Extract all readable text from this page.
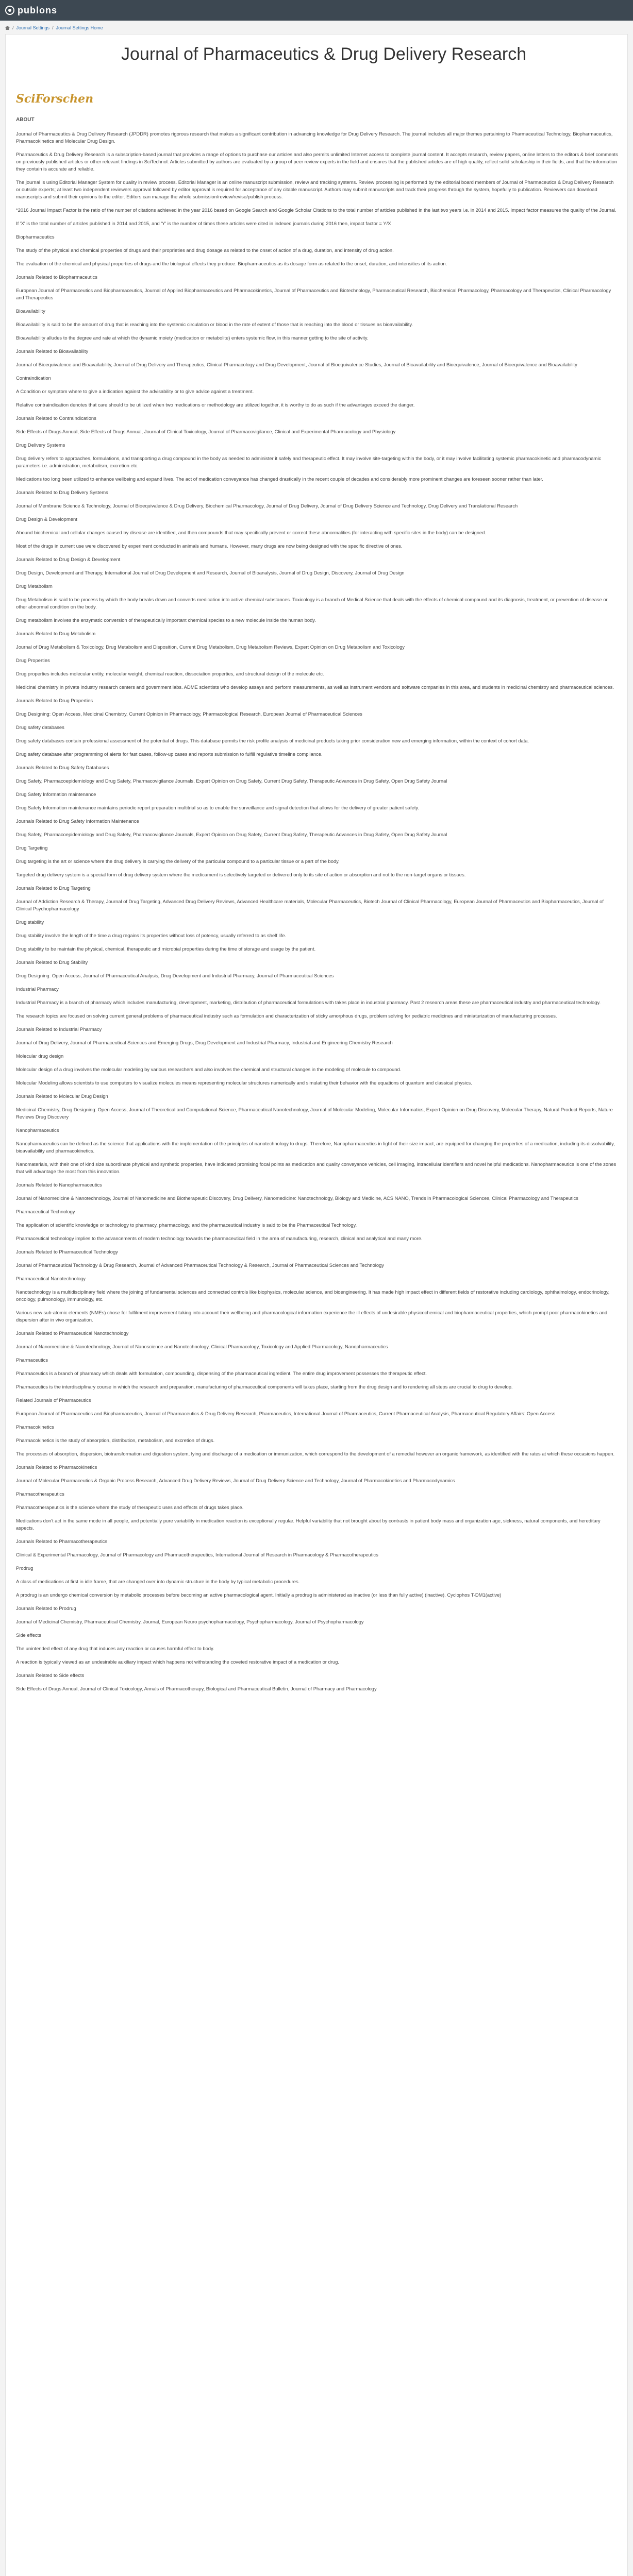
publons
/ Journal Settings / Journal Settings Home
Journal of Pharmaceutics & Drug Delivery Research
SciForschen
ABOUT

Journal of Pharmaceutics & Drug Delivery Research (JPDDR) promotes rigorous research that makes a significant contribution in advancing knowledge for Drug Delivery Research. The journal includes all major themes pertaining to Pharmaceutical Technology, Biopharmaceutics, Pharmacokinetics and Molecular Drug Design.

Pharmaceutics & Drug Delivery Research is a subscription-based journal that provides a range of options to purchase our articles and also permits unlimited Internet access to complete journal content. It accepts research, review papers, online letters to the editors & brief comments on previously published articles or other relevant findings in SciTechnol. Articles submitted by authors are evaluated by a group of peer review experts in the field and ensures that the published articles are of high quality, reflect solid scholarship in their fields, and that the information they contain is accurate and reliable.

The journal is using Editorial Manager System for quality in review process. Editorial Manager is an online manuscript submission, review and tracking systems. Review processing is performed by the editorial board members of Journal of Pharmaceutics & Drug Delivery Research or outside experts; at least two independent reviewers approval followed by editor approval is required for acceptance of any citable manuscript. Authors may submit manuscripts and track their progress through the system, hopefully to publication. Reviewers can download manuscripts and submit their opinions to the editor. Editors can manage the whole submission/review/revise/publish process.

*2016 Journal Impact Factor is the ratio of the number of citations achieved in the year 2016 based on Google Search and Google Scholar Citations to the total number of articles published in the last two years i.e. in 2014 and 2015. Impact factor measures the quality of the Journal.

If 'X' is the total number of articles published in 2014 and 2015, and 'Y' is the number of times these articles were cited in indexed journals during 2016 then, impact factor = Y/X

Biopharmaceutics

The study of the physical and chemical properties of drugs and their proprieties and drug dosage as related to the onset of action of a drug, duration, and intensity of drug action.

The evaluation of the chemical and physical properties of drugs and the biological effects they produce. Biopharmaceutics as its dosage form as related to the onset, duration, and intensities of its action.

Journals Related to Biopharmaceutics

European Journal of Pharmaceutics and Biopharmaceutics, Journal of Applied Biopharmaceutics and Pharmacokinetics, Journal of Pharmaceutics and Biotechnology, Pharmaceutical Research, Biochemical Pharmacology, Pharmacology and Therapeutics, Clinical Pharmacology and Therapeutics

Bioavailability

Bioavailability is said to be the amount of drug that is reaching into the systemic circulation or blood in the rate of extent of those that is reaching into the blood or tissues as bioavailability.

Bioavailability alludes to the degree and rate at which the dynamic moiety (medication or metabolite) enters systemic flow, in this manner getting to the site of activity.

Journals Related to Bioavailability

Journal of Bioequivalence and Bioavailability, Journal of Drug Delivery and Therapeutics, Clinical Pharmacology and Drug Development, Journal of Bioequivalence Studies, Journal of Bioavailability and Bioequivalence, Journal of Bioequivalence and Bioavailability

Contraindication

A Condition or symptom where to give a indication against the advisability or to give advice against a treatment.

Relative contraindication denotes that care should to be utilized when two medications or methodology are utilized together, it is worthy to do as such if the advantages exceed the danger.

Journals Related to Contraindications

Side Effects of Drugs Annual, Side Effects of Drugs Annual, Journal of Clinical Toxicology, Journal of Pharmacovigilance, Clinical and Experimental Pharmacology and Physiology

Drug Delivery Systems

Drug delivery refers to approaches, formulations, and transporting a drug compound in the body as needed to administer it safely and therapeutic effect. It may involve site-targeting within the body, or it may involve facilitating systemic pharmacokinetic and pharmacodynamic parameters i.e. administration, metabolism, excretion etc.

Medications too long been utilized to enhance wellbeing and expand lives. The act of medication conveyance has changed drastically in the recent couple of decades and considerably more prominent changes are foreseen sooner rather than later.

Journals Related to Drug Delivery Systems

Journal of Membrane Science & Technology, Journal of Bioequivalence & Drug Delivery, Biochemical Pharmacology, Journal of Drug Delivery, Journal of Drug Delivery Science and Technology, Drug Delivery and Translational Research

Drug Design & Development

Abound biochemical and cellular changes caused by disease are identified, and then compounds that may specifically prevent or correct these abnormalities (for interacting with specific sites in the body) can be designed.

Most of the drugs in current use were discovered by experiment conducted in animals and humans. However, many drugs are now being designed with the specific directive of ones.

Journals Related to Drug Design & Development

Drug Design, Development and Therapy, International Journal of Drug Development and Research, Journal of Bioanalysis, Journal of Drug Design, Discovery, Journal of Drug Design

Drug Metabolism

Drug Metabolism is said to be process by which the body breaks down and converts medication into active chemical substances. Toxicology is a branch of Medical Science that deals with the effects of chemical compound and its diagnosis, treatment, or prevention of disease or other abnormal condition on the body.

Drug metabolism involves the enzymatic conversion of therapeutically important chemical species to a new molecule inside the human body.

Journals Related to Drug Metabolism

Journal of Drug Metabolism & Toxicology, Drug Metabolism and Disposition, Current Drug Metabolism, Drug Metabolism Reviews, Expert Opinion on Drug Metabolism and Toxicology

Drug Properties

Drug properties includes molecular entity, molecular weight, chemical reaction, dissociation properties, and structural design of the molecule etc.

Medicinal chemistry in private industry research centers and government labs. ADME scientists who develop assays and perform measurements, as well as instrument vendors and software companies in this area, and students in medicinal chemistry and pharmaceutical sciences.

Journals Related to Drug Properties

Drug Designing: Open Access, Medicinal Chemistry, Current Opinion in Pharmacology, Pharmacological Research, European Journal of Pharmaceutical Sciences

Drug safety databases

Drug safety databases contain professional assessment of the potential of drugs. This database permits the risk profile analysis of medicinal products taking prior consideration new and emerging information, within the context of cohort data.

Drug safety database after programming of alerts for fast cases, follow-up cases and reports submission to fulfill regulative timeline compliance.

Journals Related to Drug Safety Databases

Drug Safety, Pharmacoepidemiology and Drug Safety, Pharmacovigilance Journals, Expert Opinion on Drug Safety, Current Drug Safety, Therapeutic Advances in Drug Safety, Open Drug Safety Journal

Drug Safety Information maintenance

Drug Safety Information maintenance maintains periodic report preparation multitrial so as to enable the surveillance and signal detection that allows for the delivery of greater patient safety.

Journals Related to Drug Safety Information Maintenance

Drug Safety, Pharmacoepidemiology and Drug Safety, Pharmacovigilance Journals, Expert Opinion on Drug Safety, Current Drug Safety, Therapeutic Advances in Drug Safety, Open Drug Safety Journal

Drug Targeting

Drug targeting is the art or science where the drug delivery is carrying the delivery of the particular compound to a particular tissue or a part of the body.

Targeted drug delivery system is a special form of drug delivery system where the medicament is selectively targeted or delivered only to its site of action or absorption and not to the non-target organs or tissues.

Journals Related to Drug Targeting

Journal of Addiction Research & Therapy, Journal of Drug Targeting, Advanced Drug Delivery Reviews, Advanced Healthcare materials, Molecular Pharmaceutics, Biotech Journal of Clinical Pharmacology, European Journal of Pharmaceutics and Biopharmaceutics, Journal of Clinical Psychopharmacology

Drug stability

Drug stability involve the length of the time a drug regains its properties without loss of potency, usually referred to as shelf life.

Drug stability to be maintain the physical, chemical, therapeutic and microbial properties during the time of storage and usage by the patient.

Journals Related to Drug Stability

Drug Designing: Open Access, Journal of Pharmaceutical Analysis, Drug Development and Industrial Pharmacy, Journal of Pharmaceutical Sciences

Industrial Pharmacy

Industrial Pharmacy is a branch of pharmacy which includes manufacturing, development, marketing, distribution of pharmaceutical formulations with takes place in industrial pharmacy. Past 2 research areas these are pharmaceutical industry and pharmaceutical technology.

The research topics are focused on solving current general problems of pharmaceutical industry such as formulation and characterization of sticky amorphous drugs, problem solving for pediatric medicines and miniaturization of manufacturing processes.

Journals Related to Industrial Pharmacy

Journal of Drug Delivery, Journal of Pharmaceutical Sciences and Emerging Drugs, Drug Development and Industrial Pharmacy, Industrial and Engineering Chemistry Research

Molecular drug design

Molecular design of a drug involves the molecular modeling by various researchers and also involves the chemical and structural changes in the modeling of molecule to compound.

Molecular Modeling allows scientists to use computers to visualize molecules means representing molecular structures numerically and simulating their behavior with the equations of quantum and classical physics.

Journals Related to Molecular Drug Design

Medicinal Chemistry, Drug Designing: Open Access, Journal of Theoretical and Computational Science, Pharmaceutical Nanotechnology, Journal of Molecular Modeling, Molecular Informatics, Expert Opinion on Drug Discovery, Molecular Therapy, Natural Product Reports, Nature Reviews Drug Discovery

Nanopharmaceutics

Nanopharmaceutics can be defined as the science that applications with the implementation of the principles of nanotechnology to drugs. Therefore, Nanopharmaceutics in light of their size impact, are equipped for changing the properties of a medication, including its dissolvability, bioavailability and pharmacokinetics.

Nanomaterials, with their one of kind size subordinate physical and synthetic properties, have indicated promising focal points as medication and quality conveyance vehicles, cell imaging, intracellular identifiers and novel helpful medications. Nanopharmaceutics is one of the zones that will advantage the most from this innovation.

Journals Related to Nanopharmaceutics

Journal of Nanomedicine & Nanotechnology, Journal of Nanomedicine and Biotherapeutic Discovery, Drug Delivery, Nanomedicine: Nanotechnology, Biology and Medicine, ACS NANO, Trends in Pharmacological Sciences, Clinical Pharmacology and Therapeutics

Pharmaceutical Technology

The application of scientific knowledge or technology to pharmacy, pharmacology, and the pharmaceutical industry is said to be the Pharmaceutical Technology.

Pharmaceutical technology implies to the advancements of modern technology towards the pharmaceutical field in the area of manufacturing, research, clinical and analytical and many more.

Journals Related to Pharmaceutical Technology

Journal of Pharmaceutical Technology & Drug Research, Journal of Advanced Pharmaceutical Technology & Research, Journal of Pharmaceutical Sciences and Technology

Pharmaceutical Nanotechnology

Nanotechnology is a multidisciplinary field where the joining of fundamental sciences and connected controls like biophysics, molecular science, and bioengineering. It has made high impact effect in different fields of restorative including cardiology, ophthalmology, endocrinology, oncology, pulmonology, immunology, etc.

Various new sub-atomic elements (NMEs) chose for fulfilment improvement taking into account their wellbeing and pharmacological information experience the ill effects of undesirable physicochemical and biopharmaceutical properties, which prompt poor pharmacokinetics and dispersion after in vivo organization.

Journals Related to Pharmaceutical Nanotechnology

Journal of Nanomedicine & Nanotechnology, Journal of Nanoscience and Nanotechnology, Clinical Pharmacology, Toxicology and Applied Pharmacology, Nanopharmaceutics

Pharmaceutics

Pharmaceutics is a branch of pharmacy which deals with formulation, compounding, dispensing of the pharmaceutical ingredient. The entire drug improvement possesses the therapeutic effect.

Pharmaceutics is the interdisciplinary course in which the research and preparation, manufacturing of pharmaceutical components will takes place, starting from the drug design and to rendering all steps are crucial to drug to develop.

Related Journals of Pharmaceutics

European Journal of Pharmaceutics and Biopharmaceutics, Journal of Pharmaceutics & Drug Delivery Research, Pharmaceutics, International Journal of Pharmaceutics, Current Pharmaceutical Analysis, Pharmaceutical Regulatory Affairs: Open Access

Pharmacokinetics

Pharmacokinetics is the study of absorption, distribution, metabolism, and excretion of drugs.

The processes of absorption, dispersion, biotransformation and digestion system, lying and discharge of a medication or immunization, which correspond to the development of a remedial however an organic framework, as identified with the rates at which these occasions happen.

Journals Related to Pharmacokinetics

Journal of Molecular Pharmaceutics & Organic Process Research, Advanced Drug Delivery Reviews, Journal of Drug Delivery Science and Technology, Journal of Pharmacokinetics and Pharmacodynamics

Pharmacotherapeutics

Pharmacotherapeutics is the science where the study of therapeutic uses and effects of drugs takes place.

Medications don't act in the same mode in all people, and potentially pure variability in medication reaction is exceptionally regular. Helpful variability that not brought about by contrasts in patient body mass and organization age, sickness, natural components, and hereditary aspects.

Journals Related to Pharmacotherapeutics

Clinical & Experimental Pharmacology, Journal of Pharmacology and Pharmacotherapeutics, International Journal of Research in Pharmacology & Pharmacotherapeutics

Prodrug

A class of medications at first in idle frame, that are changed over into dynamic structure in the body by typical metabolic procedures.

A prodrug is an undergo chemical conversion by metabolic processes before becoming an active pharmacological agent. Initially a prodrug is administered as inactive (or less than fully active) (inactive). Cyclophos T-DM1(active)

Journals Related to Prodrug

Journal of Medicinal Chemistry, Pharmaceutical Chemistry, Journal, European Neuro psychopharmacology, Psychopharmacology, Journal of Psychopharmacology

Side effects

The unintended effect of any drug that induces any reaction or causes harmful effect to body.

A reaction is typically viewed as an undesirable auxiliary impact which happens not withstanding the coveted restorative impact of a medication or drug.

Journals Related to Side effects

Side Effects of Drugs Annual, Journal of Clinical Toxicology, Annals of Pharmacotherapy, Biological and Pharmaceutical Bulletin, Journal of Pharmacy and Pharmacology
